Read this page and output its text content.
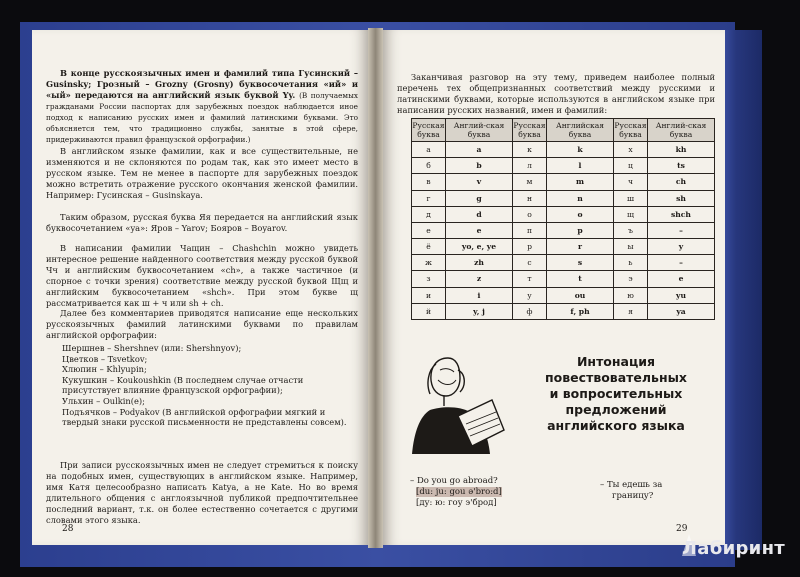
В конце русскоязычных имен и фамилий типа Гусинский – Gusinsky; Грозный – Grozny (Grosny) буквосочетания «ий» и «ый» передаются на английский язык буквой Yy. (В получаемых гражданами России паспортах для зарубежных поездок наблюдается иное подход к написанию русских имен и фамилий латинскими буквами. Это объясняется тем, что традиционно службы, занятые в этой сфере, придерживаются правил французской орфографии.)
В английском языке фамилии, как и все существительные, не изменяются и не склоняются по родам так, как это имеет место в русском языке. Тем не менее в паспорте для зарубежных поездок можно встретить отражение русского окончания женской фамилии. Например: Гусинская – Gusinskaya.
Таким образом, русская буква Яя передается на английский язык буквосочетанием «ya»: Яров – Yarov; Бояров – Boyarov.
В написании фамилии Чащин – Chashchin можно увидеть интересное решение найденного соответствия между русской буквой Чч и английским буквосочетанием «ch», а также частичное (и спорное с точки зрения) соответствие между русской буквой Щщ и английским буквосочетанием «shch». При этом букве щ рассматривается как ш + ч или sh + ch.
Далее без комментариев приводятся написание еще нескольких русскоязычных фамилий латинскими буквами по правилам английской орфографии:
Шершнев – Shershnev (или: Shershnyov);
Цветков – Tsvetkov;
Хлюпин – Khlyupin;
Кукушкин – Koukoushkin (В последнем случае отчасти присутствует влияние французской орфографии);
Ульхин – Oulkin(е);
Подъячков – Podyakov (В английской орфографии мягкий и твердый знаки русской письменности не представлены совсем).
При записи русскоязычных имен не следует стремиться к поиску на подобных имен, существующих в английском языке. Например, имя Катя целесообразно написать Katya, а не Kate. Но во время длительного общения с англоязычной публикой предпочтительнее последний вариант, т.к. он более естественно сочетается с другими словами этого языка.
28
Заканчивая разговор на эту тему, приведем наиболее полный перечень тех общепризнанных соответствий между русскими и латинскими буквами, которые используются в английском языке при написании русских названий, имен и фамилий:
Русская буква	Англий-ская буква	Русская буква	Английская буква	Русская буква	Англий-ская буква
а	a	к	k	х	kh
б	b	л	l	ц	ts
в	v	м	m	ч	ch
г	g	н	n	ш	sh
д	d	о	o	щ	shch
е	e	п	p	ъ	–
ё	yo, e, ye	р	r	ы	y
ж	zh	с	s	ь	–
з	z	т	t	э	e
и	i	у	ou	ю	yu
й	y, j	ф	f, ph	я	ya
Интонация
повествовательных
и вопросительных
предложений
английского языка
– Do you go abroad?
[du: ju: gou ə'bro:d]
[ду: ю: гоу э'брод]
– Ты едешь за
границу?
29
Лабиринт
